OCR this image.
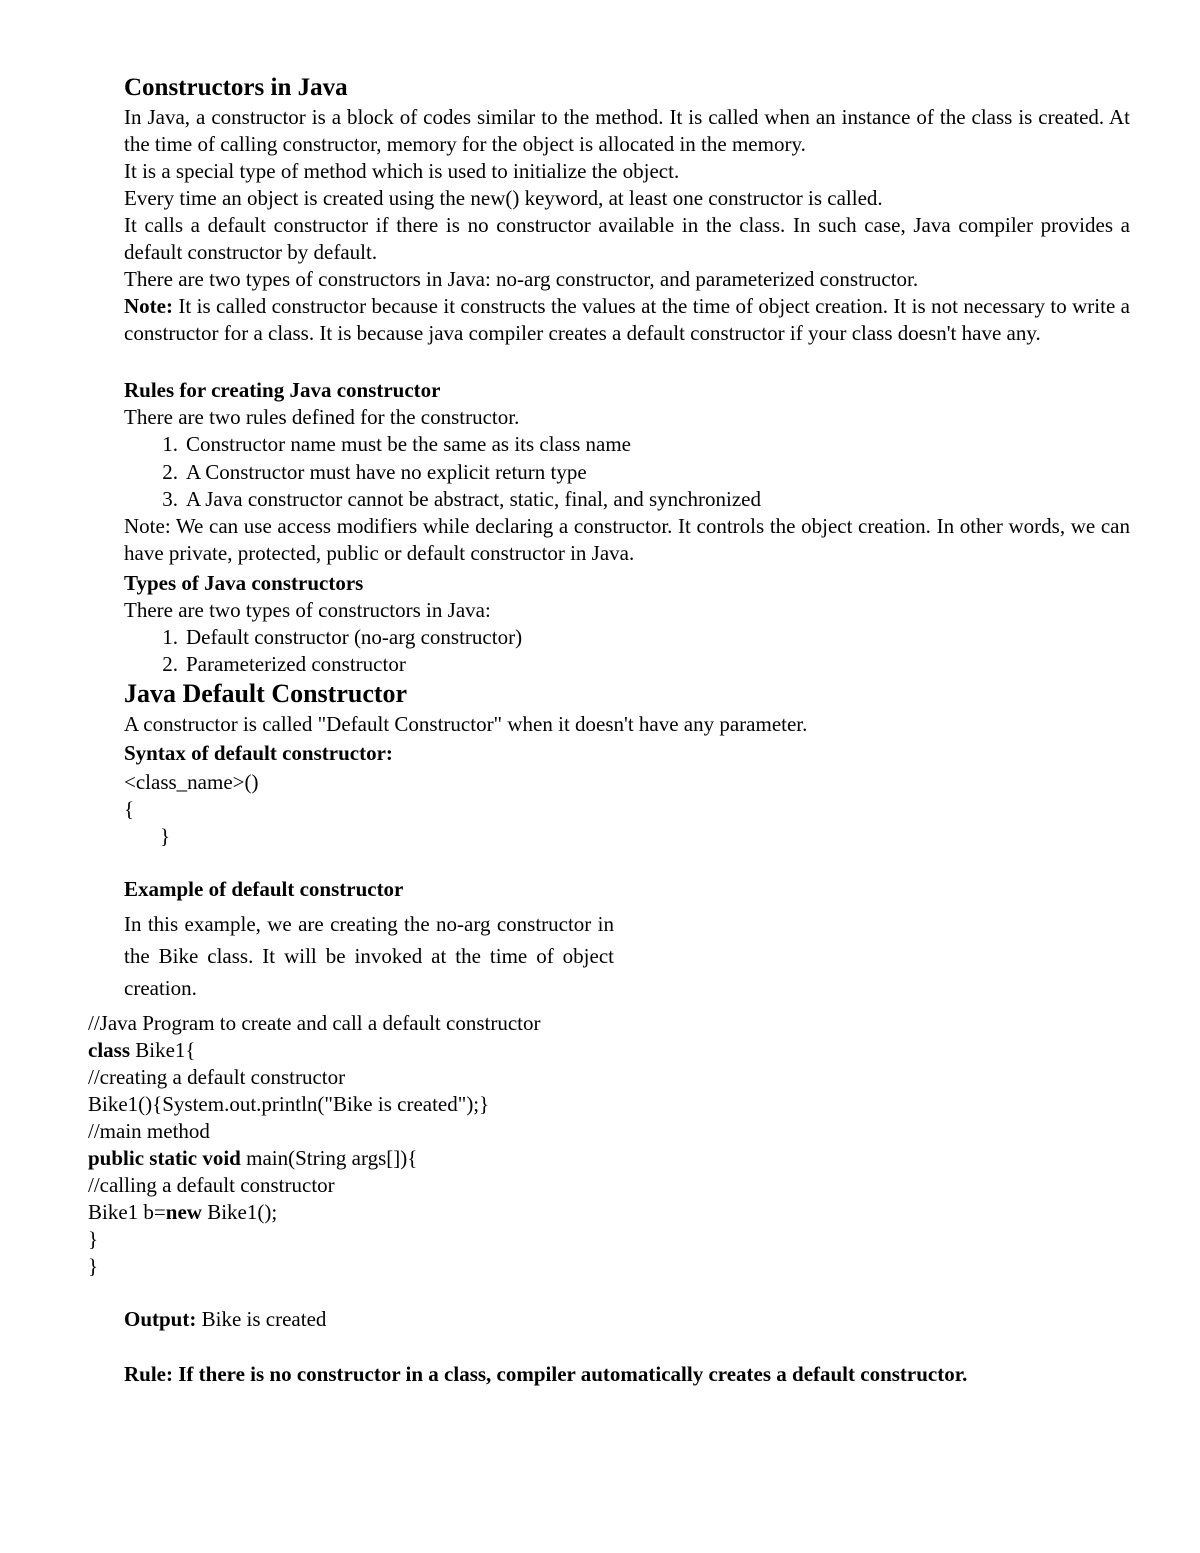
Constructors in Java
In Java, a constructor is a block of codes similar to the method. It is called when an instance of the class is created. At the time of calling constructor, memory for the object is allocated in the memory.
It is a special type of method which is used to initialize the object.
Every time an object is created using the new() keyword, at least one constructor is called.
It calls a default constructor if there is no constructor available in the class. In such case, Java compiler provides a default constructor by default.
There are two types of constructors in Java: no-arg constructor, and parameterized constructor.
Note: It is called constructor because it constructs the values at the time of object creation. It is not necessary to write a constructor for a class. It is because java compiler creates a default constructor if your class doesn't have any.
Rules for creating Java constructor
There are two rules defined for the constructor.
1. Constructor name must be the same as its class name
2. A Constructor must have no explicit return type
3. A Java constructor cannot be abstract, static, final, and synchronized
Note: We can use access modifiers while declaring a constructor. It controls the object creation. In other words, we can have private, protected, public or default constructor in Java.
Types of Java constructors
There are two types of constructors in Java:
1. Default constructor (no-arg constructor)
2. Parameterized constructor
Java Default Constructor
A constructor is called "Default Constructor" when it doesn't have any parameter.
Syntax of default constructor:
<class_name>()
{
}
Example of default constructor
In this example, we are creating the no-arg constructor in the Bike class. It will be invoked at the time of object creation.
//Java Program to create and call a default constructor
class Bike1{
//creating a default constructor
Bike1(){System.out.println("Bike is created");}
//main method
public static void main(String args[]){
//calling a default constructor
Bike1 b=new Bike1();
}
}
Output: Bike is created
Rule: If there is no constructor in a class, compiler automatically creates a default constructor.
